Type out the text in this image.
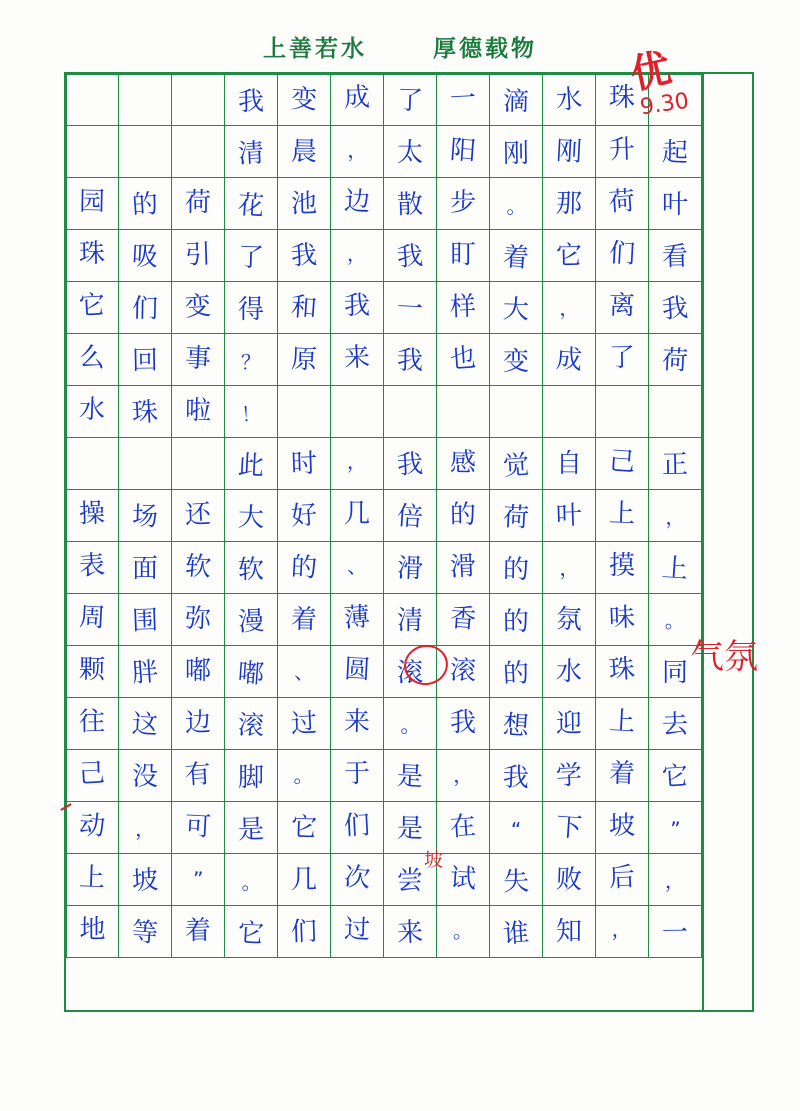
上善若水	厚德载物

我 变 成 了 一 滴 水 珠

清 晨 ， 太 阳 刚 刚 升 起
园 的 荷 花 池 边 散 步 。 那 荷 叶
珠 吸 引 了 我 ， 我 盯 着 它 们 看
它 们 变 得 和 我 一 样 大 ， 离 我
么 回 事 ？ 原 来 我 也 变 成 了 荷
水 珠 啦 ！

此 时 ， 我 感 觉 自 己 正
操 场 还 大 好 几 倍 的 荷 叶 上 ，
表 面 软 软 的 、 滑 滑 的 ， 摸 上
周 围 弥 漫 着 薄 清 香 的 氛 味 。
颗 胖 嘟 嘟 、 圆 滚 滚 的 水 珠 同
往 这 边 滚 过 来 。 我 想 迎 上 去
己 没 有 脚 。 于 是 ， 我 学 着 它
动 ， 可 是 它 们 是 在 “ 下 坡 ”
上 坡 ” 。 几 次 尝 试 失 败 后 ，
地 等 着 它 们 过 来 。 谁 知 ， 一
优
9.30
气氛
坡
